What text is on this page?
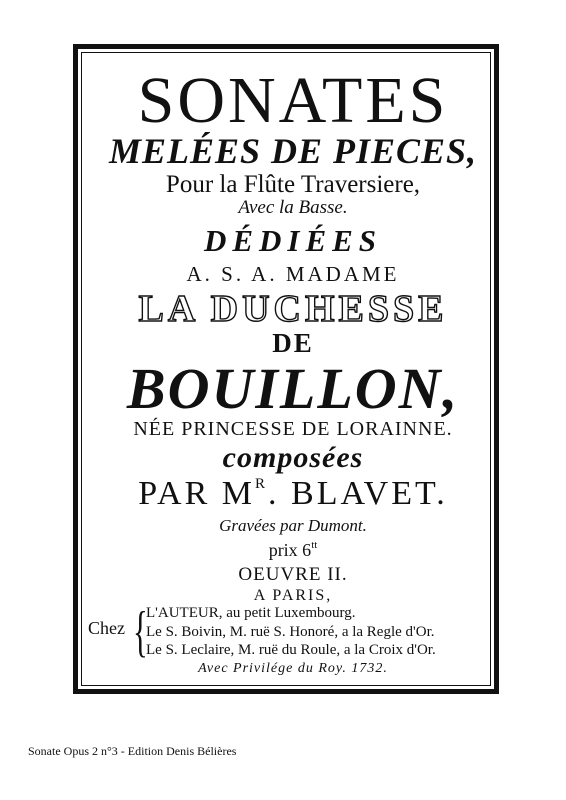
SONATES
MELÉES DE PIECES,
Pour la Flûte Traversiere,
Avec la Basse.
DÉDIÉES
A. S. A. MADAME
LA DUCHESSE
DE
BOUILLON,
NÉE PRINCESSE DE LORAINNE.
composées
PAR $M^R$. BLAVET.
Gravées par Dumont.
prix $6^{tt}$
OEUVRE II.
A PARIS,
Chez {
L'AUTEUR, au petit Luxembourg.
Le S. Boivin, M. ruë S. Honoré, a la Regle d'Or.
Le S. Leclaire, M. ruë du Roule, a la Croix d'Or.
Avec Privilége du Roy. 1732.
Sonate Opus 2 n°3 - Edition Denis Bélières
